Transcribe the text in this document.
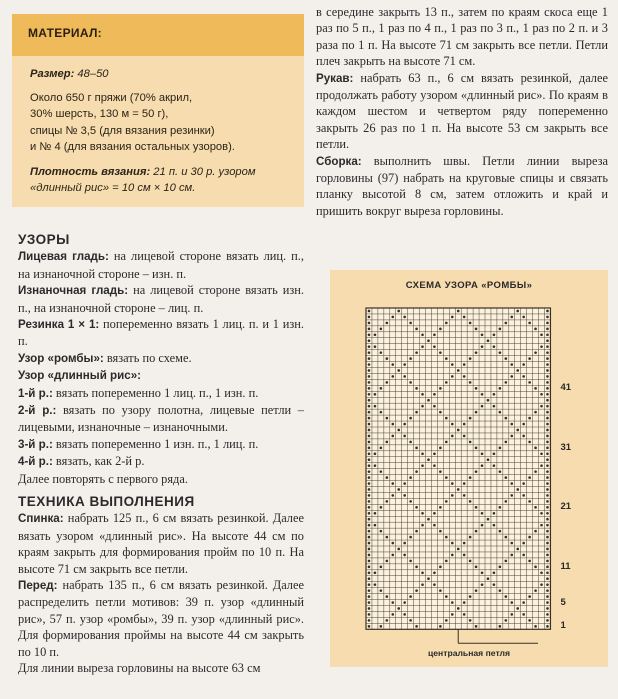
МАТЕРИАЛ:

Размер: 48–50

Около 650 г пряжи (70% акрил,

30% шерсть, 130 м = 50 г),

спицы № 3,5 (для вязания резинки)

и № 4 (для вязания остальных узоров).

Плотность вязания: 21 п. и 30 р. узором

«длинный рис» = 10 см × 10 см.

УЗОРЫ

Лицевая гладь: на лицевой стороне вязать лиц. п., на изнаночной стороне – изн. п.

Изнаночная гладь: на лицевой стороне вязать изн. п., на изнаночной стороне – лиц. п.

Резинка 1 × 1: попеременно вязать 1 лиц. п. и 1 изн. п.

Узор «ромбы»: вязать по схеме.

Узор «длинный рис»:

1-й р.: вязать попеременно 1 лиц. п., 1 изн. п.

2-й р.: вязать по узору полотна, лицевые петли – лицевыми, изнаночные – изнаночными.

3-й р.: вязать попеременно 1 изн. п., 1 лиц. п.

4-й р.: вязать, как 2-й р.

Далее повторять с первого ряда.

ТЕХНИКА ВЫПОЛНЕНИЯ

Спинка: набрать 125 п., 6 см вязать резинкой. Далее вязать узором «длинный рис». На высоте 44 см по краям закрыть для формирования пройм по 10 п. На высоте 71 см закрыть все петли.

Перед: набрать 135 п., 6 см вязать резинкой. Далее распределить петли мотивов: 39 п. узор «длинный рис», 57 п. узор «ромбы», 39 п. узор «длинный рис». Для формирования проймы на высоте 44 см закрыть по 10 п.

Для линии выреза горловины на высоте 63 см

в середине закрыть 13 п., затем по краям скоса еще 1 раз по 5 п., 1 раз по 4 п., 1 раз по 3 п., 1 раз по 2 п. и 3 раза по 1 п. На высоте 71 см закрыть все петли. Петли плеч закрыть на высоте 71 см.

Рукав: набрать 63 п., 6 см вязать резинкой, далее продолжать работу узором «длинный рис». По краям в каждом шестом и четвертом ряду попеременно закрыть 26 раз по 1 п. На высоте 53 см закрыть все петли.

Сборка: выполнить швы. Петли линии выреза горловины (97) набрать на круговые спицы и связать планку высотой 8 см, затем отложить и край и пришить вокруг выреза горловины.

СХЕМА УЗОРА «РОМБЫ»
41
31
21
11
5
1
центральная петля
